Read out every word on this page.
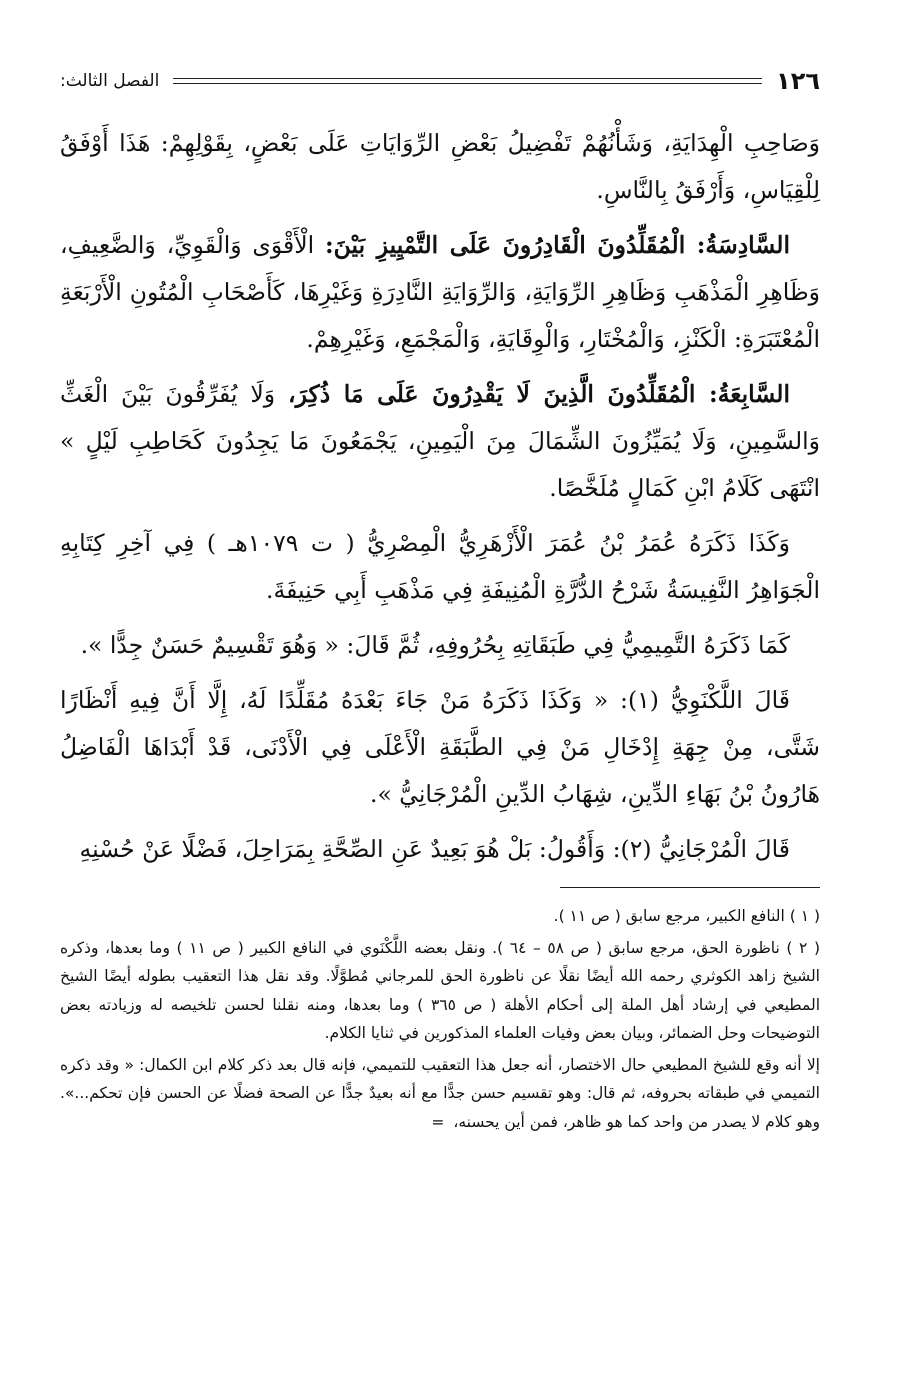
١٢٦
الفصل الثالث:

وَصَاحِبِ الْهِدَايَةِ، وَشَأْنُهُمْ تَفْضِيلُ بَعْضِ الرِّوَايَاتِ عَلَى بَعْضٍ، بِقَوْلِهِمْ: هَذَا أَوْفَقُ لِلْقِيَاسِ، وَأَرْفَقُ بِالنَّاسِ.

السَّادِسَةُ: الْمُقَلِّدُونَ الْقَادِرُونَ عَلَى التَّمْيِيزِ بَيْنَ: الْأَقْوَى وَالْقَوِيِّ، وَالضَّعِيفِ، وَظَاهِرِ الْمَذْهَبِ وَظَاهِرِ الرِّوَايَةِ، وَالرِّوَايَةِ النَّادِرَةِ وَغَيْرِهَا، كَأَصْحَابِ الْمُتُونِ الْأَرْبَعَةِ الْمُعْتَبَرَةِ: الْكَنْزِ، وَالْمُخْتَارِ، وَالْوِقَايَةِ، وَالْمَجْمَعِ، وَغَيْرِهِمْ.

السَّابِعَةُ: الْمُقَلِّدُونَ الَّذِينَ لَا يَقْدِرُونَ عَلَى مَا ذُكِرَ، وَلَا يُفَرِّقُونَ بَيْنَ الْغَثِّ وَالسَّمِينِ، وَلَا يُمَيِّزُونَ الشِّمَالَ مِنَ الْيَمِينِ، يَجْمَعُونَ مَا يَجِدُونَ كَحَاطِبِ لَيْلٍ » انْتَهَى كَلَامُ ابْنِ كَمَالٍ مُلَخَّصًا.

وَكَذَا ذَكَرَهُ عُمَرُ بْنُ عُمَرَ الْأَزْهَرِيُّ الْمِصْرِيُّ ( ت ١٠٧٩هـ ) فِي آخِرِ كِتَابِهِ الْجَوَاهِرُ النَّفِيسَةُ شَرْحُ الدُّرَّةِ الْمُنِيفَةِ فِي مَذْهَبِ أَبِي حَنِيفَةَ.

كَمَا ذَكَرَهُ التَّمِيمِيُّ فِي طَبَقَاتِهِ بِحُرُوفِهِ، ثُمَّ قَالَ: « وَهُوَ تَقْسِيمٌ حَسَنٌ جِدًّا ».

قَالَ اللَّكْنَوِيُّ (١): « وَكَذَا ذَكَرَهُ مَنْ جَاءَ بَعْدَهُ مُقَلِّدًا لَهُ، إِلَّا أَنَّ فِيهِ أَنْظَارًا شَتَّى، مِنْ جِهَةِ إِدْخَالِ مَنْ فِي الطَّبَقَةِ الْأَعْلَى فِي الْأَدْنَى، قَدْ أَبْدَاهَا الْفَاضِلُ هَارُونُ بْنُ بَهَاءِ الدِّينِ، شِهَابُ الدِّينِ الْمُرْجَانِيُّ ».

قَالَ الْمُرْجَانِيُّ (٢): وَأَقُولُ: بَلْ هُوَ بَعِيدٌ عَنِ الصِّحَّةِ بِمَرَاحِلَ، فَضْلًا عَنْ حُسْنِهِ

( ١ ) النافع الكبير، مرجع سابق ( ص ١١ ).

( ٢ ) ناظورة الحق، مرجع سابق ( ص ٥٨ – ٦٤ ). ونقل بعضه اللَّكْنَوي في النافع الكبير ( ص ١١ ) وما بعدها، وذكره الشيخ زاهد الكوثري رحمه الله أيضًا نقلًا عن ناظورة الحق للمرجاني مُطوَّلًا. وقد نقل هذا التعقيب بطوله أيضًا الشيخ المطيعي في إرشاد أهل الملة إلى أحكام الأهلة ( ص ٣٦٥ ) وما بعدها، ومنه نقلنا لحسن تلخيصه له وزيادته بعض التوضيحات وحل الضمائر، وبيان بعض وفيات العلماء المذكورين في ثنايا الكلام.

إلا أنه وقع للشيخ المطيعي حال الاختصار، أنه جعل هذا التعقيب للتميمي، فإنه قال بعد ذكر كلام ابن الكمال: « وقد ذكره التميمي في طبقاته بحروفه، ثم قال: وهو تقسيم حسن جدًّا مع أنه بعيدٌ جدًّا عن الصحة فضلًا عن الحسن فإن تحكم...». وهو كلام لا يصدر من واحد كما هو ظاهر، فمن أين يحسنه، =
